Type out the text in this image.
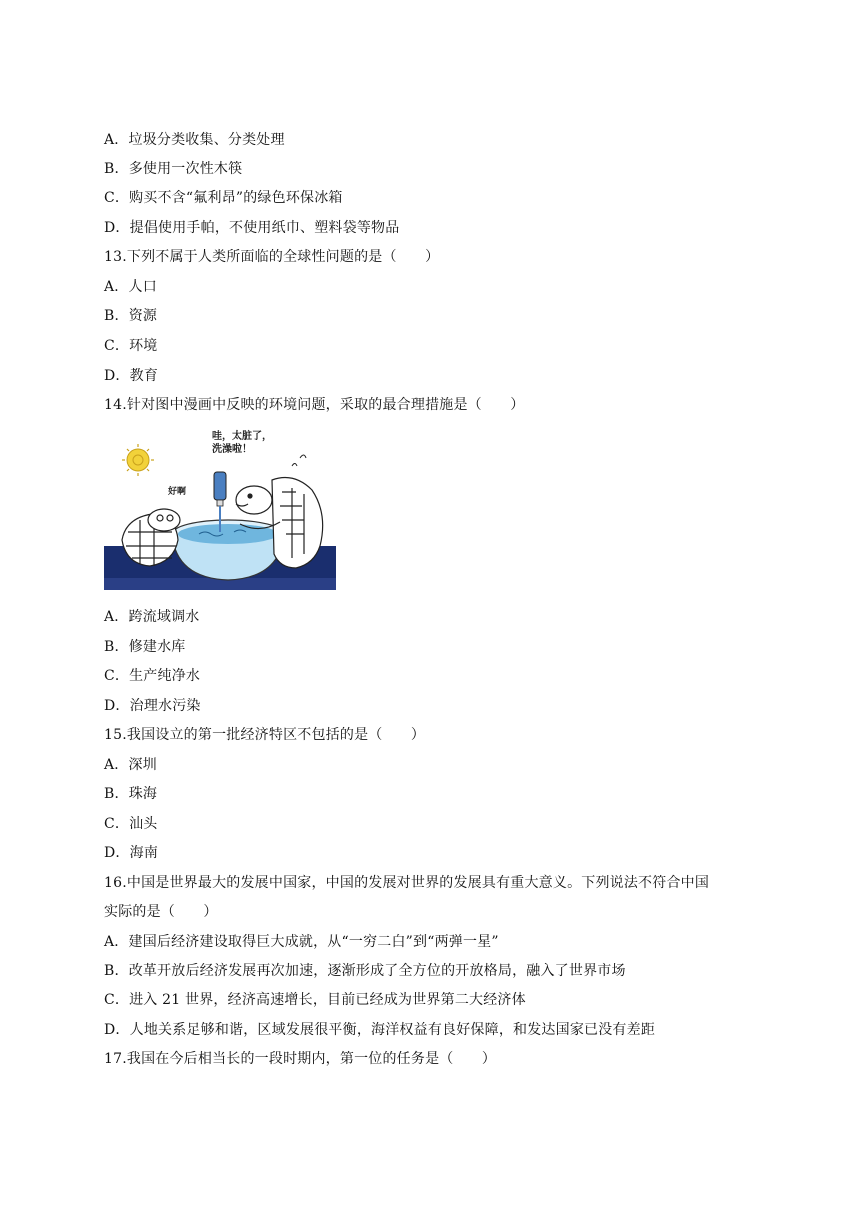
A．垃圾分类收集、分类处理
B．多使用一次性木筷
C．购买不含“氟利昂”的绿色环保冰箱
D．提倡使用手帕，不使用纸巾、塑料袋等物品
13.下列不属于人类所面临的全球性问题的是（　　）
A．人口
B．资源
C．环境
D．教育
14.针对图中漫画中反映的环境问题，采取的最合理措施是（　　）
哇，太脏了，
洗澡啦！
好啊
A．跨流域调水
B．修建水库
C．生产纯净水
D．治理水污染
15.我国设立的第一批经济特区不包括的是（　　）
A．深圳
B．珠海
C．汕头
D．海南
16.中国是世界最大的发展中国家，中国的发展对世界的发展具有重大意义。下列说法不符合中国
实际的是（　　）
A．建国后经济建设取得巨大成就，从“一穷二白”到“两弹一星”
B．改革开放后经济发展再次加速，逐渐形成了全方位的开放格局，融入了世界市场
C．进入 21 世界，经济高速增长，目前已经成为世界第二大经济体
D．人地关系足够和谐，区域发展很平衡，海洋权益有良好保障，和发达国家已没有差距
17.我国在今后相当长的一段时期内，第一位的任务是（　　）
